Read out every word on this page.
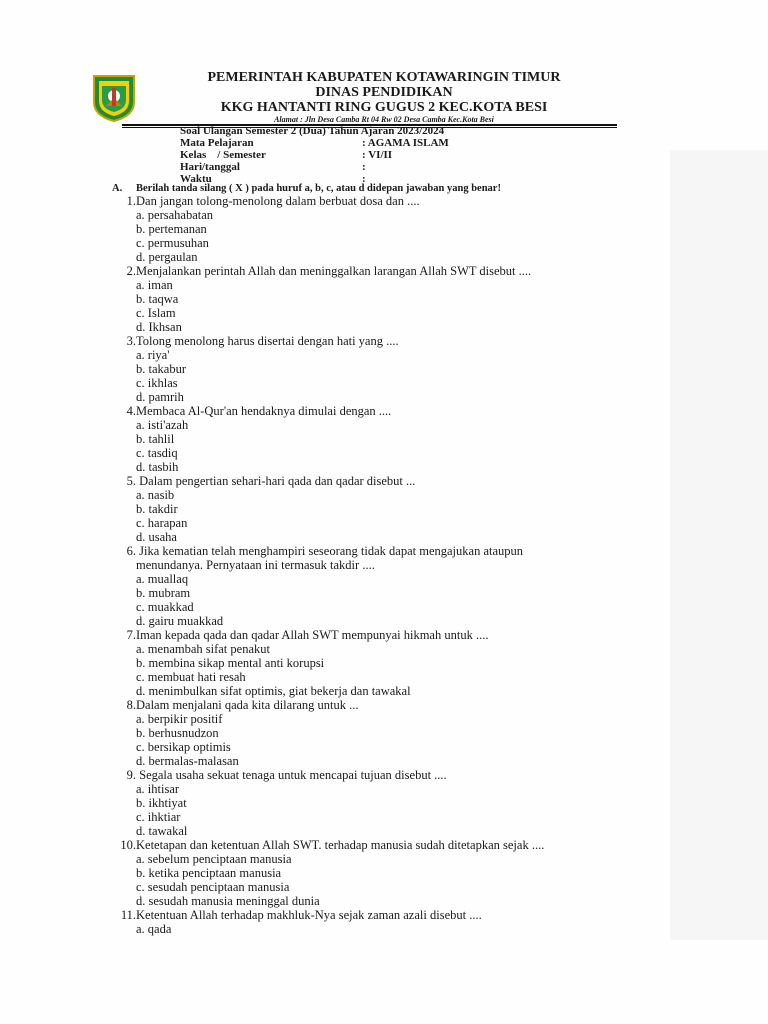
PEMERINTAH KABUPATEN KOTAWARINGIN TIMUR
DINAS PENDIDIKAN
KKG HANTANTI RING GUGUS 2 KEC.KOTA BESI
Alamat : Jln Desa Camba Rt 04 Rw 02 Desa Camba Kec.Kota Besi
Soal Ulangan Semester 2 (Dua) Tahun Ajaran 2023/2024
Mata Pelajaran	: AGAMA ISLAM
Kelas    / Semester	: VI/II
Hari/tanggal	:
Waktu	:
A. Berilah tanda silang ( X ) pada huruf a, b, c, atau d didepan jawaban yang benar!
1. Dan jangan tolong-menolong dalam berbuat dosa dan ....
a. persahabatan
b. pertemanan
c. permusuhan
d. pergaulan
2. Menjalankan perintah Allah dan meninggalkan larangan Allah SWT disebut ....
a. iman
b. taqwa
c. Islam
d. Ikhsan
3. Tolong menolong harus disertai dengan hati yang ....
a. riya'
b. takabur
c. ikhlas
d. pamrih
4. Membaca Al-Qur'an hendaknya dimulai dengan ....
a. isti'azah
b. tahlil
c. tasdiq
d. tasbih
5. Dalam pengertian sehari-hari qada dan qadar disebut ...
a. nasib
b. takdir
c. harapan
d. usaha
6. Jika kematian telah menghampiri seseorang tidak dapat mengajukan ataupun
menundanya. Pernyataan ini termasuk takdir ....
a. muallaq
b. mubram
c. muakkad
d. gairu muakkad
7. Iman kepada qada dan qadar Allah SWT mempunyai hikmah untuk ....
a. menambah sifat penakut
b. membina sikap mental anti korupsi
c. membuat hati resah
d. menimbulkan sifat optimis, giat bekerja dan tawakal
8. Dalam menjalani qada kita dilarang untuk ...
a. berpikir positif
b. berhusnudzon
c. bersikap optimis
d. bermalas-malasan
9. Segala usaha sekuat tenaga untuk mencapai tujuan disebut ....
a. ihtisar
b. ikhtiyat
c. ihktiar
d. tawakal
10. Ketetapan dan ketentuan Allah SWT. terhadap manusia sudah ditetapkan sejak ....
a. sebelum penciptaan manusia
b. ketika penciptaan manusia
c. sesudah penciptaan manusia
d. sesudah manusia meninggal dunia
11. Ketentuan Allah terhadap makhluk-Nya sejak zaman azali disebut ....
a. qada
